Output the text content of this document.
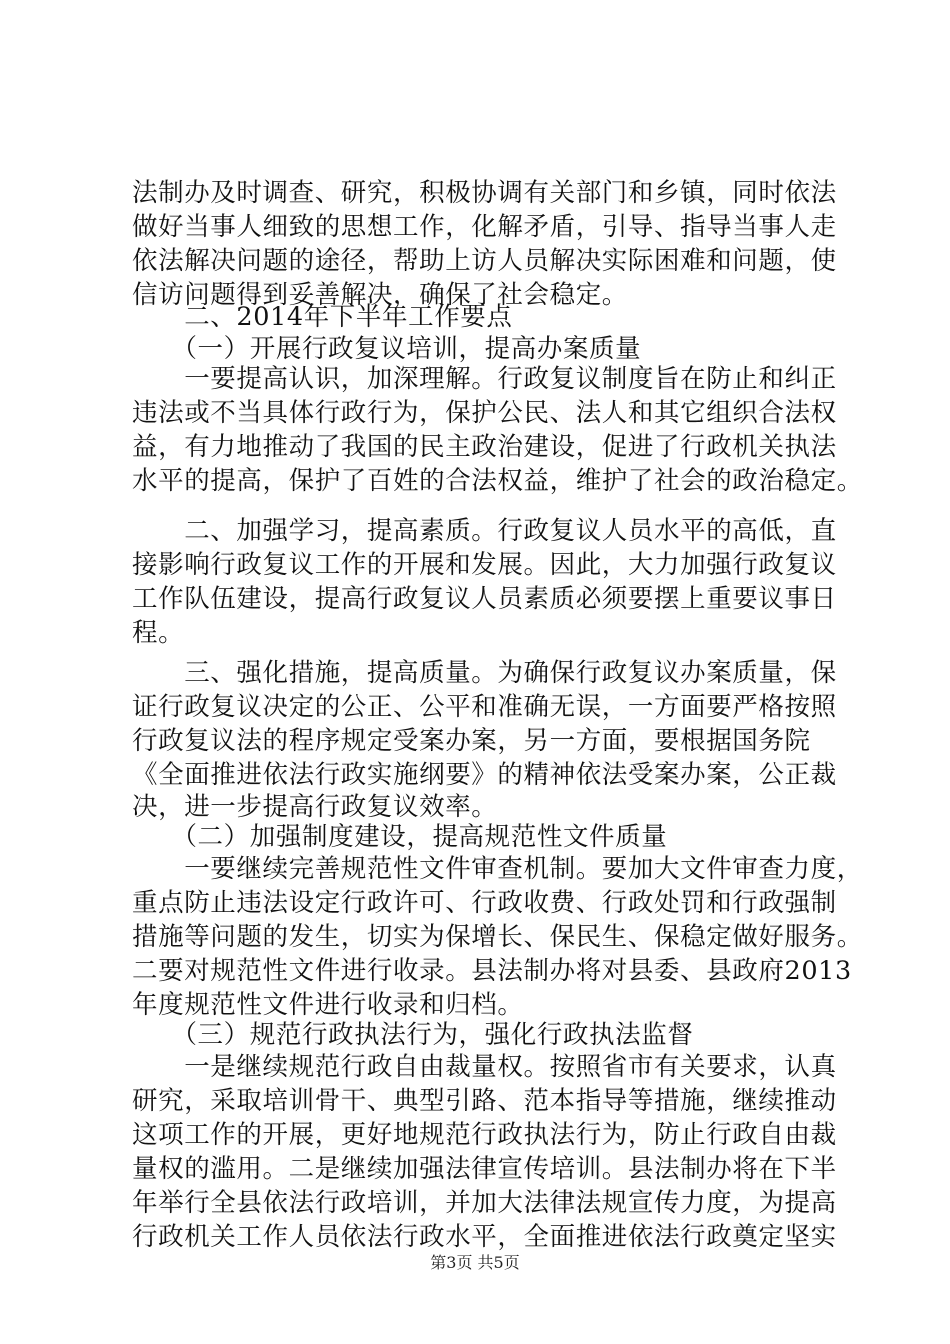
法制办及时调查、研究，积极协调有关部门和乡镇，同时依法
做好当事人细致的思想工作，化解矛盾，引导、指导当事人走
依法解决问题的途径，帮助上访人员解决实际困难和问题，使
信访问题得到妥善解决，确保了社会稳定。
　　二、2014年下半年工作要点
　　（一）开展行政复议培训，提高办案质量
　　一要提高认识，加深理解。行政复议制度旨在防止和纠正
违法或不当具体行政行为，保护公民、法人和其它组织合法权
益，有力地推动了我国的民主政治建设，促进了行政机关执法
水平的提高，保护了百姓的合法权益，维护了社会的政治稳定。
　　二、加强学习，提高素质。行政复议人员水平的高低，直
接影响行政复议工作的开展和发展。因此，大力加强行政复议
工作队伍建设，提高行政复议人员素质必须要摆上重要议事日
程。
　　三、强化措施，提高质量。为确保行政复议办案质量，保
证行政复议决定的公正、公平和准确无误，一方面要严格按照
行政复议法的程序规定受案办案，另一方面，要根据国务院
《全面推进依法行政实施纲要》的精神依法受案办案，公正裁
决，进一步提高行政复议效率。
　　（二）加强制度建设，提高规范性文件质量
　　一要继续完善规范性文件审查机制。要加大文件审查力度，
重点防止违法设定行政许可、行政收费、行政处罚和行政强制
措施等问题的发生，切实为保增长、保民生、保稳定做好服务。
二要对规范性文件进行收录。县法制办将对县委、县政府2013
年度规范性文件进行收录和归档。
　　（三）规范行政执法行为，强化行政执法监督
　　一是继续规范行政自由裁量权。按照省市有关要求，认真
研究，采取培训骨干、典型引路、范本指导等措施，继续推动
这项工作的开展，更好地规范行政执法行为，防止行政自由裁
量权的滥用。二是继续加强法律宣传培训。县法制办将在下半
年举行全县依法行政培训，并加大法律法规宣传力度，为提高
行政机关工作人员依法行政水平，全面推进依法行政奠定坚实
第3页 共5页
